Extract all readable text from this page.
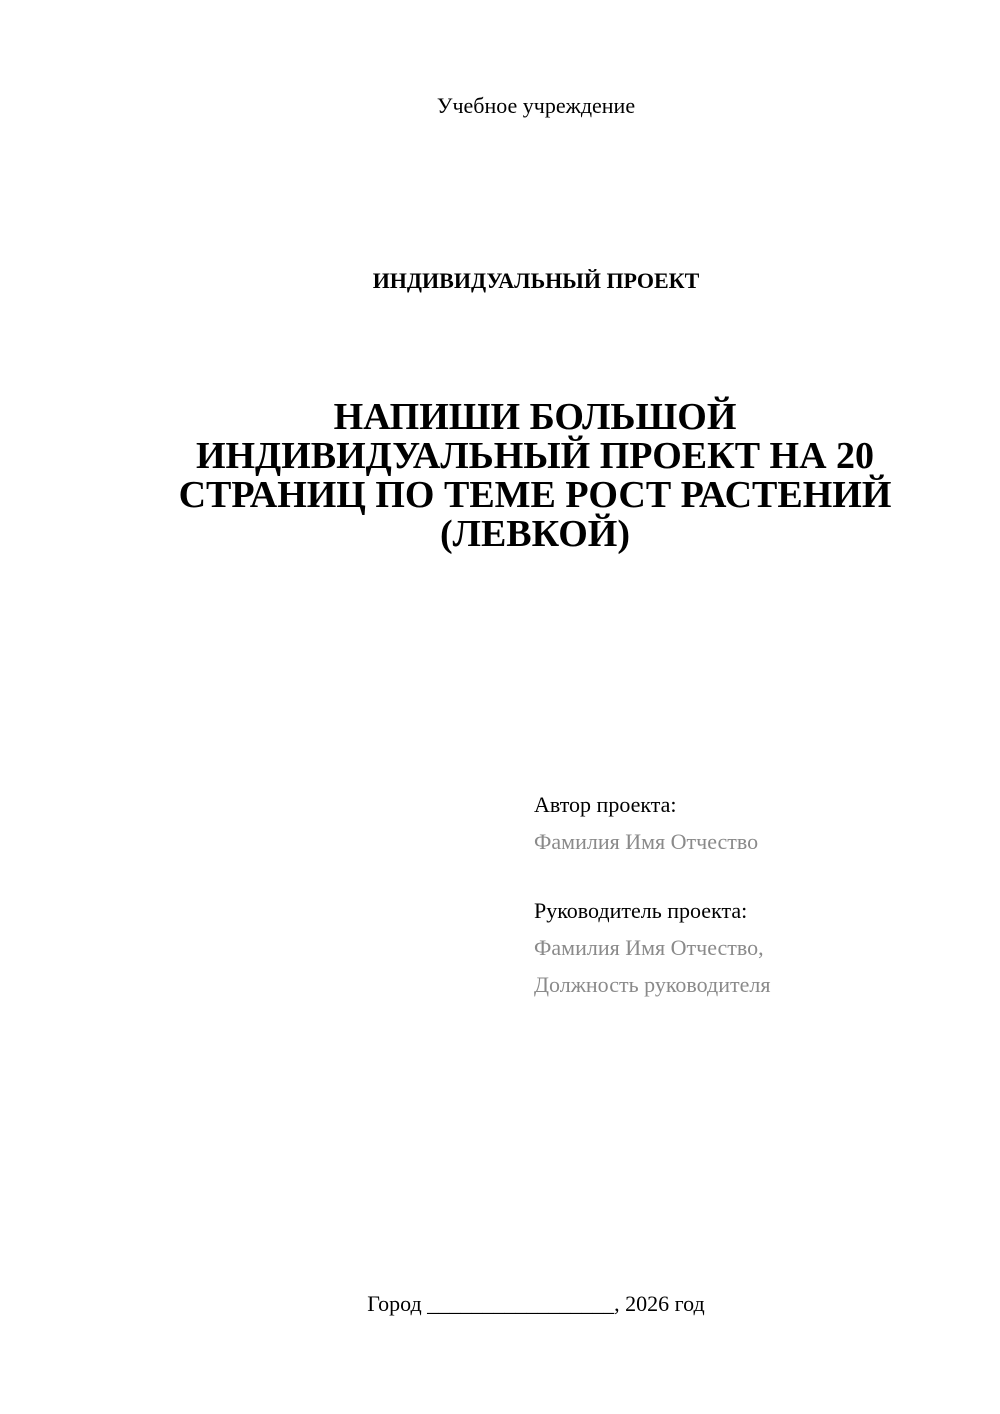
Учебное учреждение
ИНДИВИДУАЛЬНЫЙ ПРОЕКТ
НАПИШИ БОЛЬШОЙ
ИНДИВИДУАЛЬНЫЙ ПРОЕКТ НА 20
СТРАНИЦ ПО ТЕМЕ РОСТ РАСТЕНИЙ
(ЛЕВКОЙ)
Автор проекта:
Фамилия Имя Отчество
Руководитель проекта:
Фамилия Имя Отчество,
Должность руководителя
Город _________________, 2026 год
